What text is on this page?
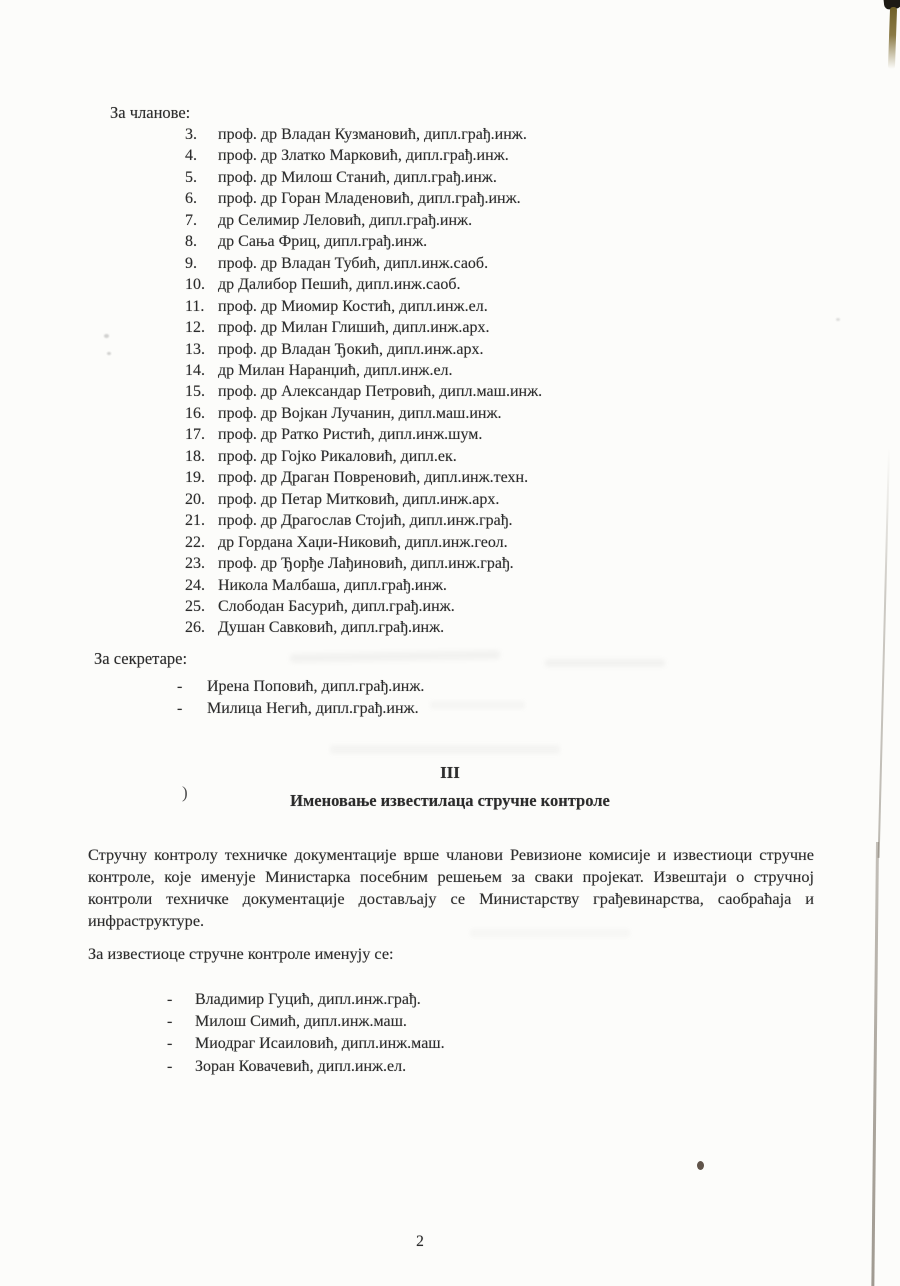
За чланове:
3.	проф. др Владан Кузмановић, дипл.грађ.инж.
4.	проф. др Златко Марковић, дипл.грађ.инж.
5.	проф. др Милош Станић, дипл.грађ.инж.
6.	проф. др Горан Младеновић, дипл.грађ.инж.
7.	др Селимир Леловић, дипл.грађ.инж.
8.	др Сања Фриц, дипл.грађ.инж.
9.	проф. др Владан Тубић, дипл.инж.саоб.
10. др Далибор Пешић, дипл.инж.саоб.
11. проф. др Миомир Костић, дипл.инж.ел.
12. проф. др Милан Глишић, дипл.инж.арх.
13. проф. др Владан Ђокић, дипл.инж.арх.
14. др Милан Наранџић, дипл.инж.ел.
15. проф. др Александар Петровић, дипл.маш.инж.
16. проф. др Војкан Лучанин, дипл.маш.инж.
17. проф. др Ратко Ристић, дипл.инж.шум.
18. проф. др Гојко Рикаловић, дипл.ек.
19. проф. др Драган Повреновић, дипл.инж.техн.
20. проф. др Петар Митковић, дипл.инж.арх.
21. проф. др Драгослав Стојић, дипл.инж.грађ.
22. др Гордана Хаџи-Никовић, дипл.инж.геол.
23. проф. др Ђорђе Лађиновић, дипл.инж.грађ.
24. Никола Малбаша, дипл.грађ.инж.
25. Слободан Басурић, дипл.грађ.инж.
26. Душан Савковић, дипл.грађ.инж.
За секретаре:
-	Ирена Поповић, дипл.грађ.инж.
-	Милица Негић, дипл.грађ.инж.
)
III
Именовање известилаца стручне контроле

Стручну контролу техничке документације врше чланови Ревизионе комисије и известиоци стручне контроле, које именује Министарка посебним решењем за сваки пројекат. Извештаји о стручној контроли техничке документације достављају се Министарству грађевинарства, саобраћаја и инфраструктуре.

За известиоце стручне контроле именују се:
-	Владимир Гуцић, дипл.инж.грађ.
-	Милош Симић, дипл.инж.маш.
-	Миодраг Исаиловић, дипл.инж.маш.
-	Зоран Ковачевић, дипл.инж.ел.
2
